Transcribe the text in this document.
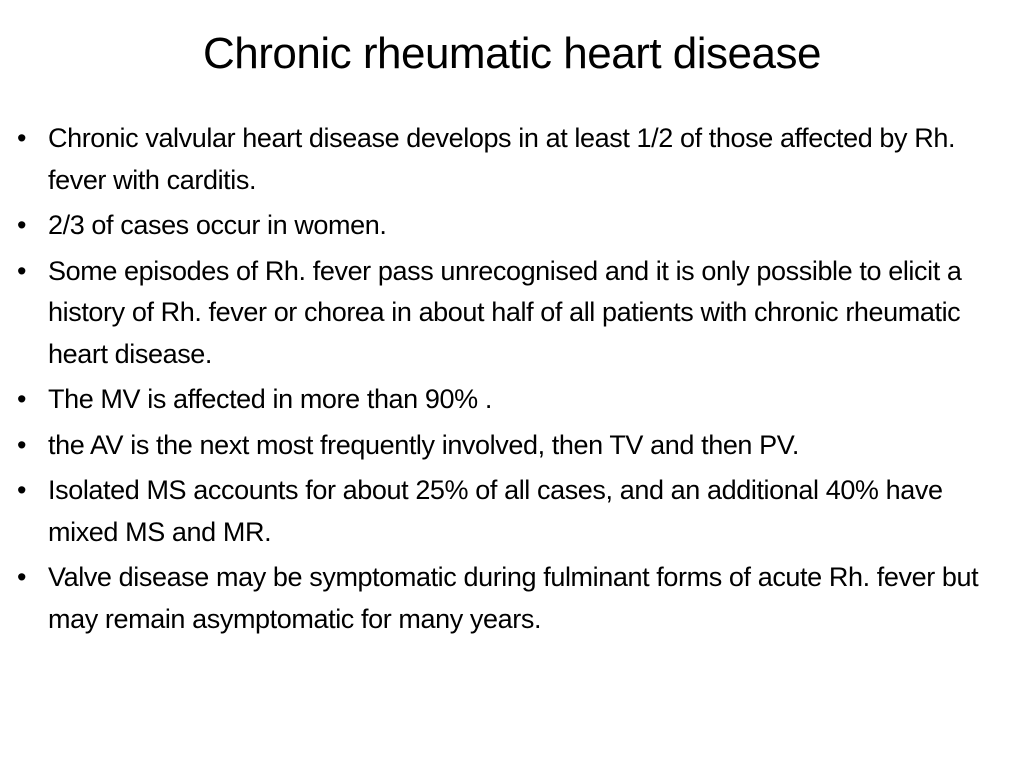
Chronic rheumatic heart disease
• Chronic valvular heart disease develops in at least 1/2 of those affected by Rh. fever with carditis.
• 2/3 of cases occur in women.
• Some episodes of Rh. fever pass unrecognised and it is only possible to elicit a history of Rh. fever or chorea in about half of all patients with chronic rheumatic heart disease.
• The MV is affected in more than 90% .
• the AV is the next most frequently involved, then TV and then PV.
• Isolated MS accounts for about 25% of all cases, and an additional 40% have mixed MS and MR.
• Valve disease may be symptomatic during fulminant forms of acute Rh. fever but may remain asymptomatic for many years.
